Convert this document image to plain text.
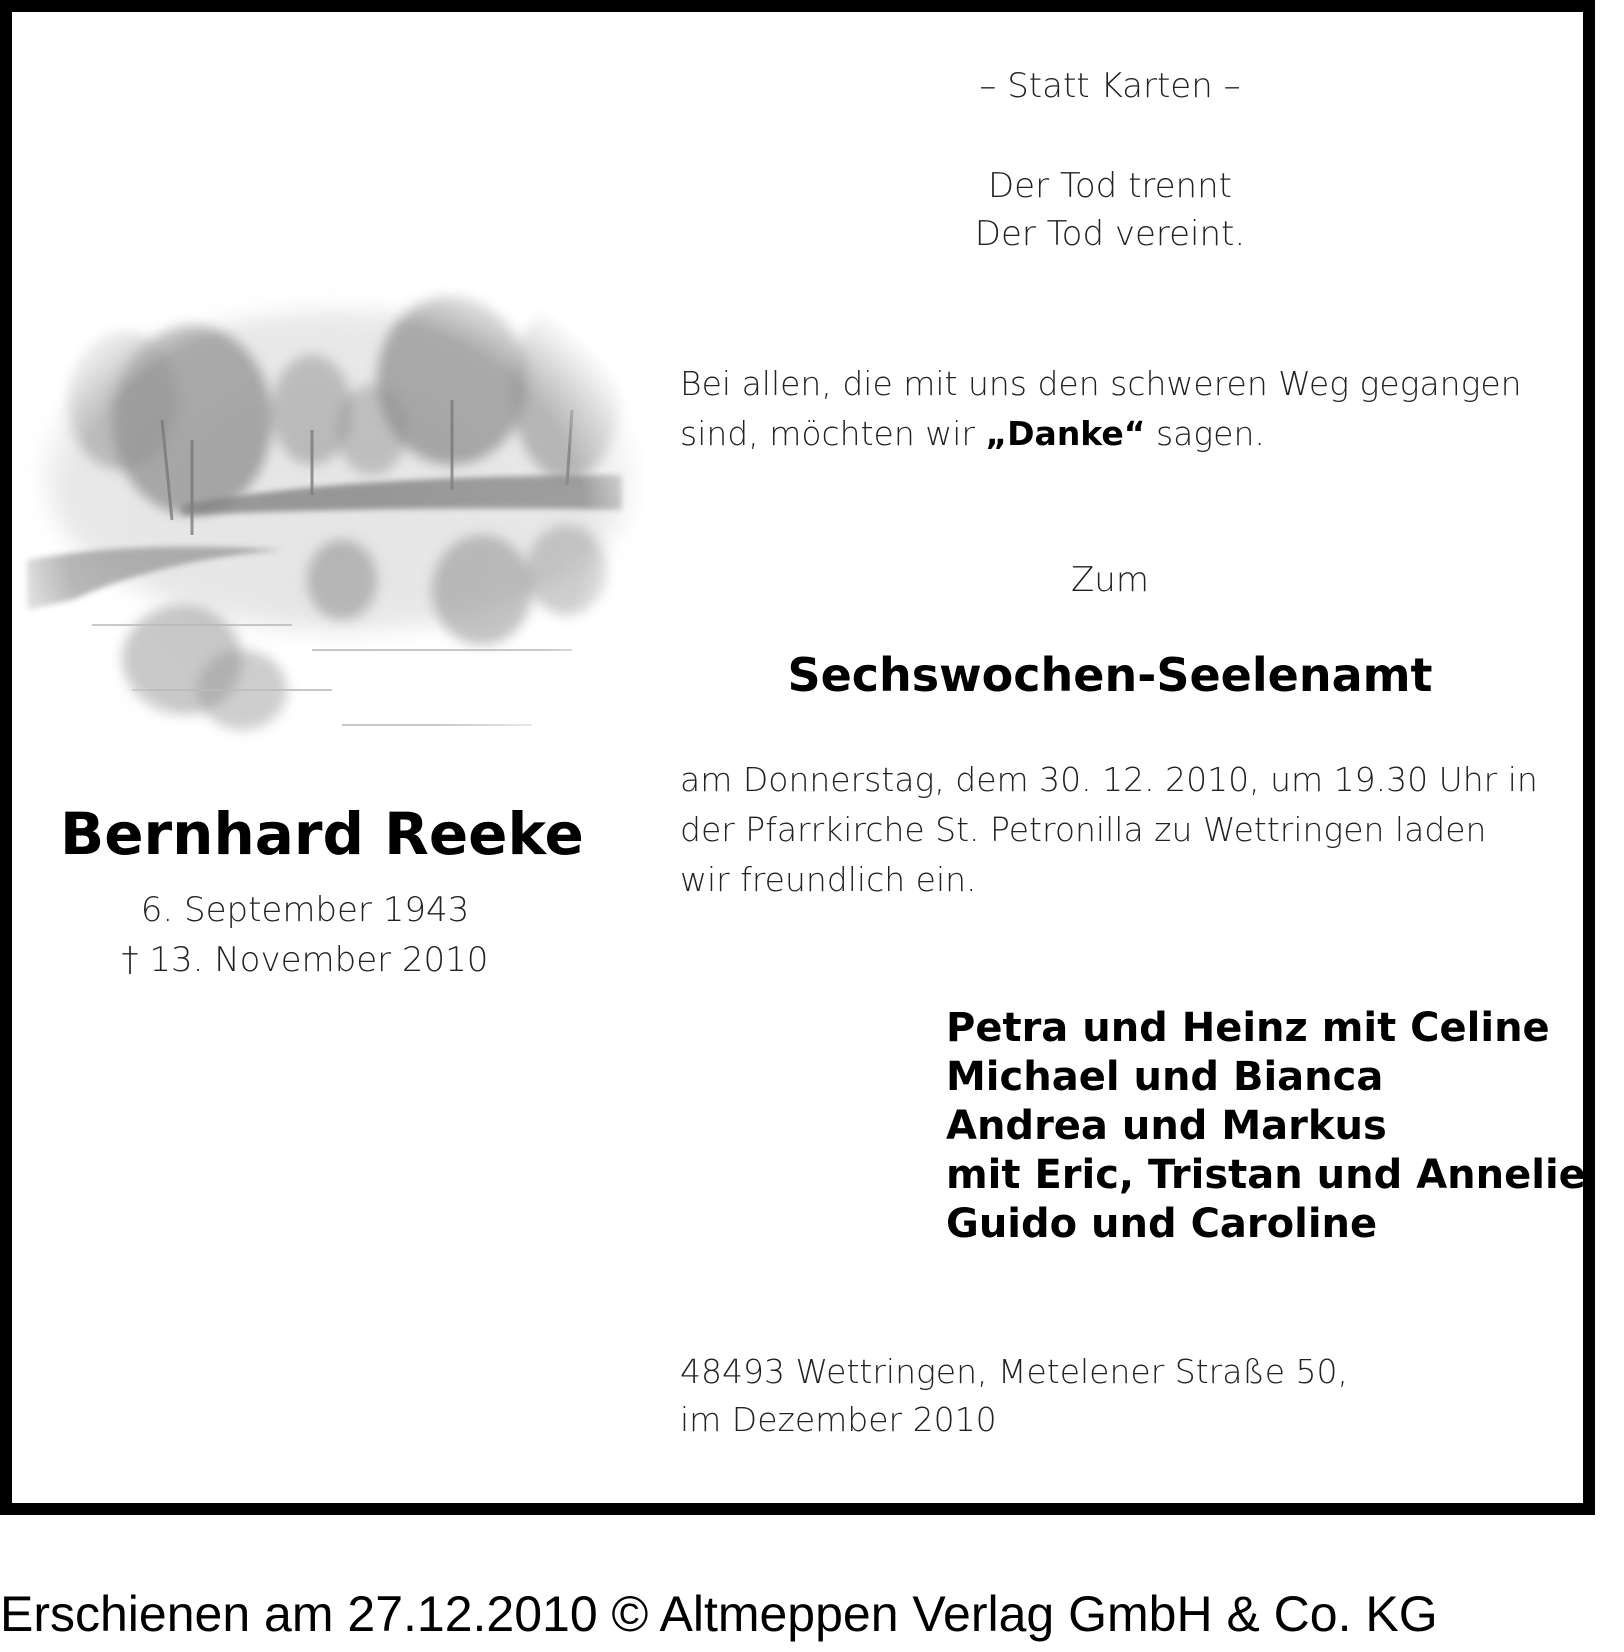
Bernhard Reeke
6. September 1943
† 13. November 2010
– Statt Karten –
Der Tod trennt
Der Tod vereint.
Bei allen, die mit uns den schweren Weg gegangen
sind, möchten wir „Danke“ sagen.
Zum
Sechswochen-Seelenamt
am Donnerstag, dem 30. 12. 2010, um 19.30 Uhr in
der Pfarrkirche St. Petronilla zu Wettringen laden
wir freundlich ein.
Petra und Heinz mit Celine
Michael und Bianca
Andrea und Markus
mit Eric, Tristan und Annelie
Guido und Caroline
48493 Wettringen, Metelener Straße 50,
im Dezember 2010
Erschienen am 27.12.2010 © Altmeppen Verlag GmbH & Co. KG
